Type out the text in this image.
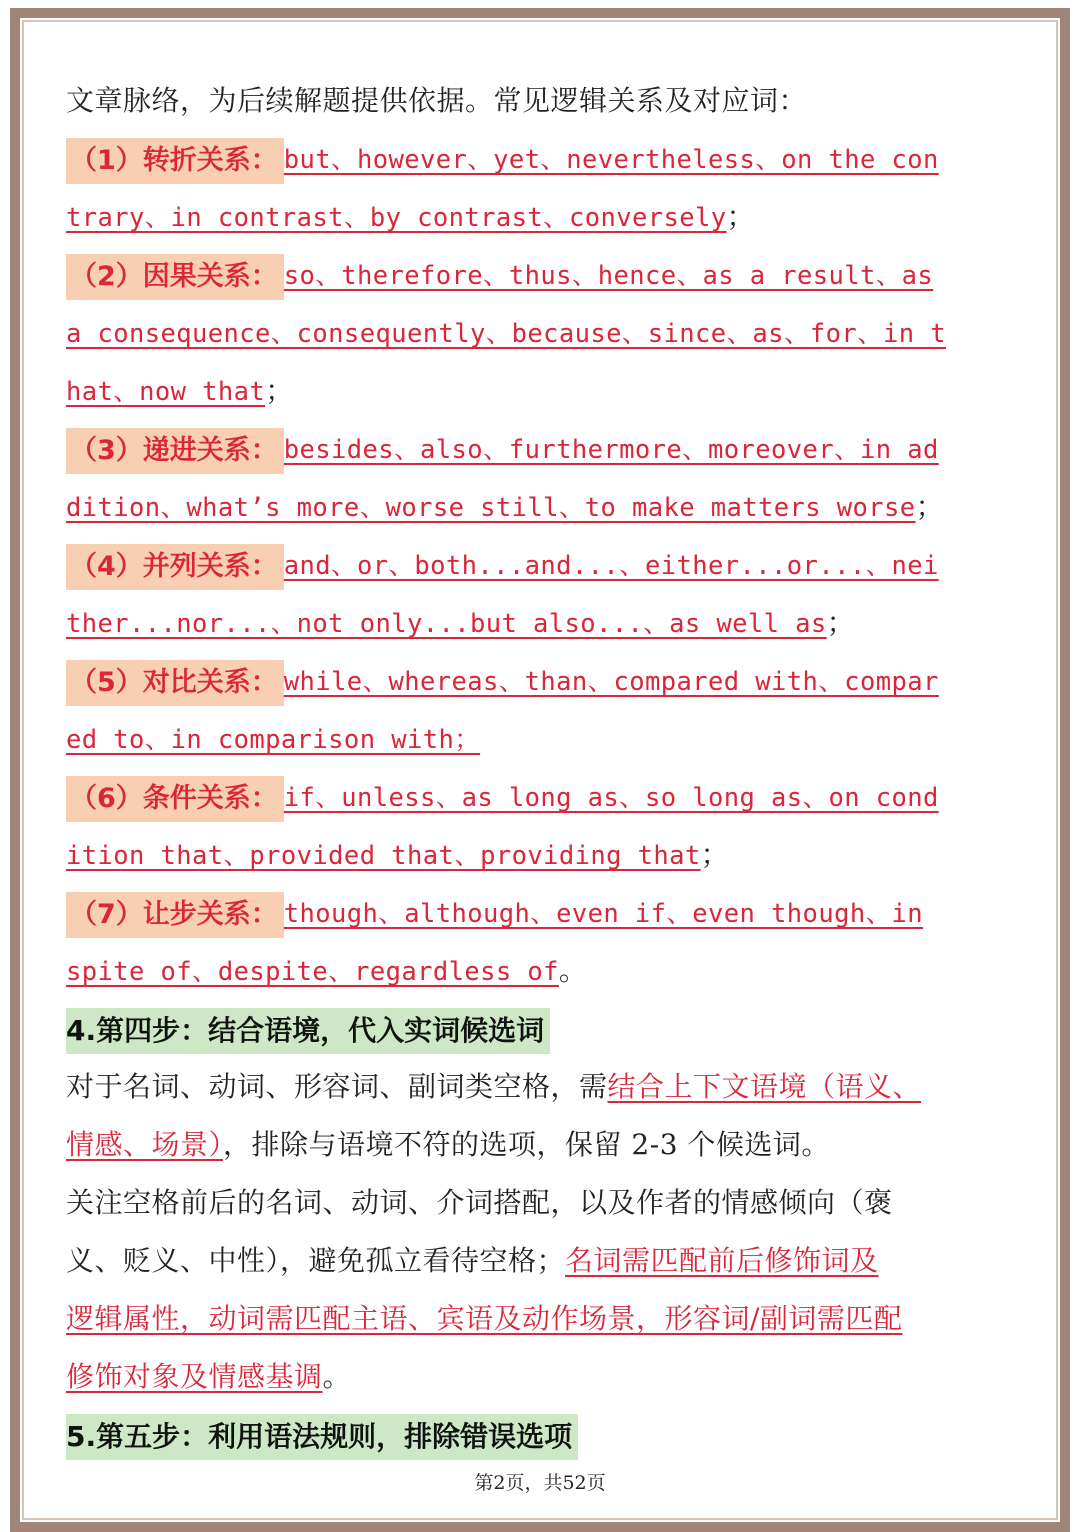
文章脉络，为后续解题提供依据。常见逻辑关系及对应词：
（1）转折关系： but、however、yet、nevertheless、on the con
trary、in contrast、by contrast、conversely；
（2）因果关系： so、therefore、thus、hence、as a result、as
a consequence、consequently、because、since、as、for、in t
hat、now that；
（3）递进关系： besides、also、furthermore、moreover、in ad
dition、what’s more、worse still、to make matters worse；
（4）并列关系： and、or、both...and...、either...or...、nei
ther...nor...、not only...but also...、as well as；
（5）对比关系： while、whereas、than、compared with、compar
ed to、in comparison with；
（6）条件关系： if、unless、as long as、so long as、on cond
ition that、provided that、providing that；
（7）让步关系： though、although、even if、even though、in
spite of、despite、regardless of。
4.第四步：结合语境，代入实词候选词
对于名词、动词、形容词、副词类空格，需结合上下文语境（语义、
情感、场景），排除与语境不符的选项，保留 2-3 个候选词。
关注空格前后的名词、动词、介词搭配，以及作者的情感倾向（褒
义、贬义、中性），避免孤立看待空格；名词需匹配前后修饰词及
逻辑属性，动词需匹配主语、宾语及动作场景，形容词/副词需匹配
修饰对象及情感基调。
5.第五步：利用语法规则，排除错误选项
第2页，共52页
